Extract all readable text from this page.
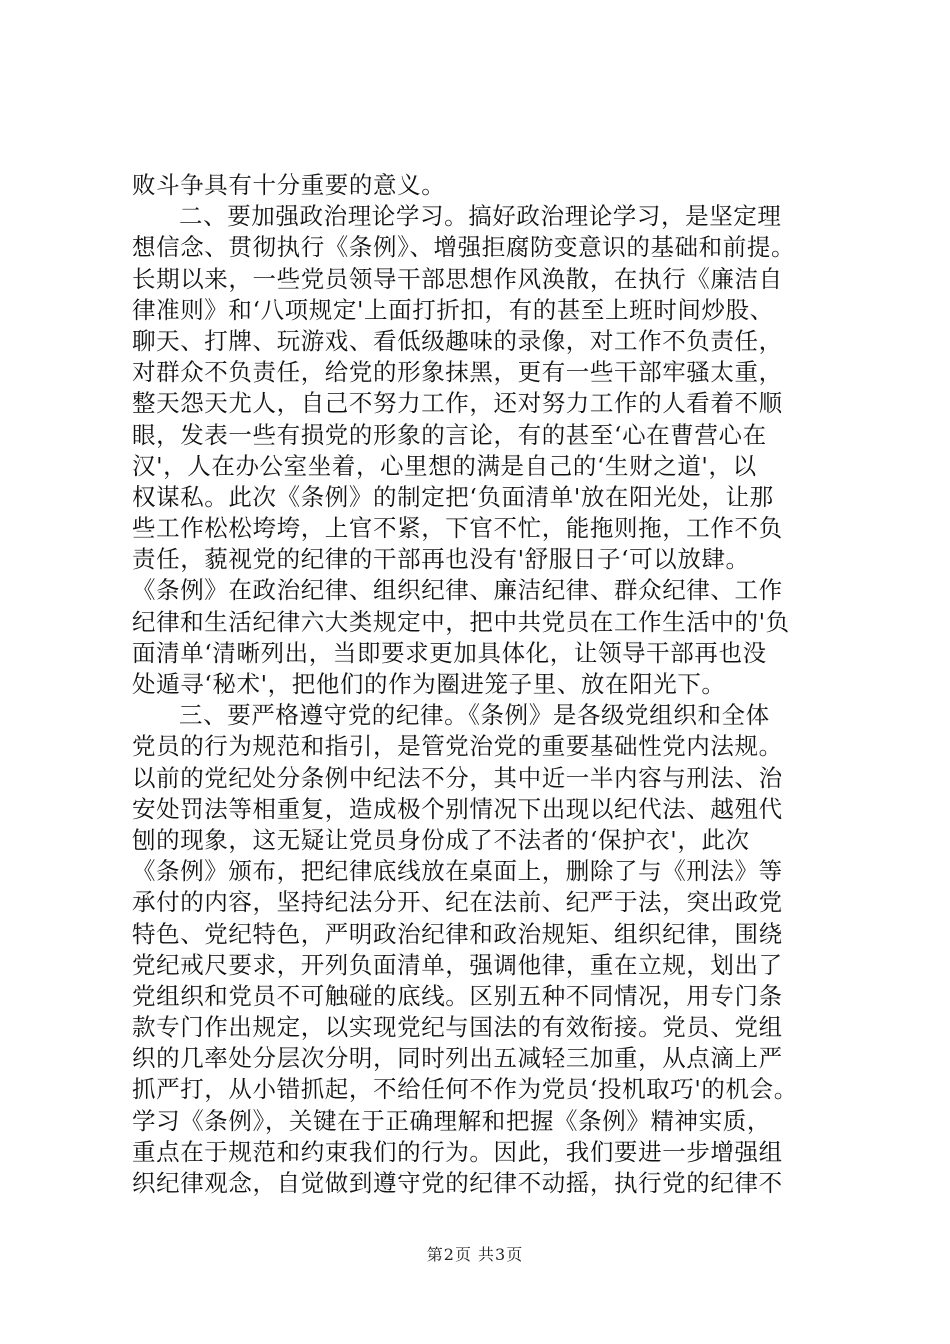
败斗争具有十分重要的意义。
二、要加强政治理论学习。搞好政治理论学习，是坚定理
想信念、贯彻执行《条例》、增强拒腐防变意识的基础和前提。
长期以来，一些党员领导干部思想作风涣散，在执行《廉洁自
律准则》和‘八项规定'上面打折扣，有的甚至上班时间炒股、
聊天、打牌、玩游戏、看低级趣味的录像，对工作不负责任，
对群众不负责任，给党的形象抹黑，更有一些干部牢骚太重，
整天怨天尤人，自己不努力工作，还对努力工作的人看着不顺
眼，发表一些有损党的形象的言论，有的甚至‘心在曹营心在
汉'，人在办公室坐着，心里想的满是自己的‘生财之道'，以
权谋私。此次《条例》的制定把‘负面清单'放在阳光处，让那
些工作松松垮垮，上官不紧，下官不忙，能拖则拖，工作不负
责任，藐视党的纪律的干部再也没有'舒服日子‘可以放肆。
《条例》在政治纪律、组织纪律、廉洁纪律、群众纪律、工作
纪律和生活纪律六大类规定中，把中共党员在工作生活中的'负
面清单‘清晰列出，当即要求更加具体化，让领导干部再也没
处遁寻‘秘术'，把他们的作为圈进笼子里、放在阳光下。
三、要严格遵守党的纪律。《条例》是各级党组织和全体
党员的行为规范和指引，是管党治党的重要基础性党内法规。
以前的党纪处分条例中纪法不分，其中近一半内容与刑法、治
安处罚法等相重复，造成极个别情况下出现以纪代法、越殂代
刨的现象，这无疑让党员身份成了不法者的‘保护衣'，此次
《条例》颁布，把纪律底线放在桌面上，删除了与《刑法》等
承付的内容，坚持纪法分开、纪在法前、纪严于法，突出政党
特色、党纪特色，严明政治纪律和政治规矩、组织纪律，围绕
党纪戒尺要求，开列负面清单，强调他律，重在立规，划出了
党组织和党员不可触碰的底线。区别五种不同情况，用专门条
款专门作出规定，以实现党纪与国法的有效衔接。党员、党组
织的几率处分层次分明，同时列出五减轻三加重，从点滴上严
抓严打，从小错抓起，不给任何不作为党员‘投机取巧'的机会。
学习《条例》，关键在于正确理解和把握《条例》精神实质，
重点在于规范和约束我们的行为。因此，我们要进一步增强组
织纪律观念，自觉做到遵守党的纪律不动摇，执行党的纪律不
第2页 共3页
